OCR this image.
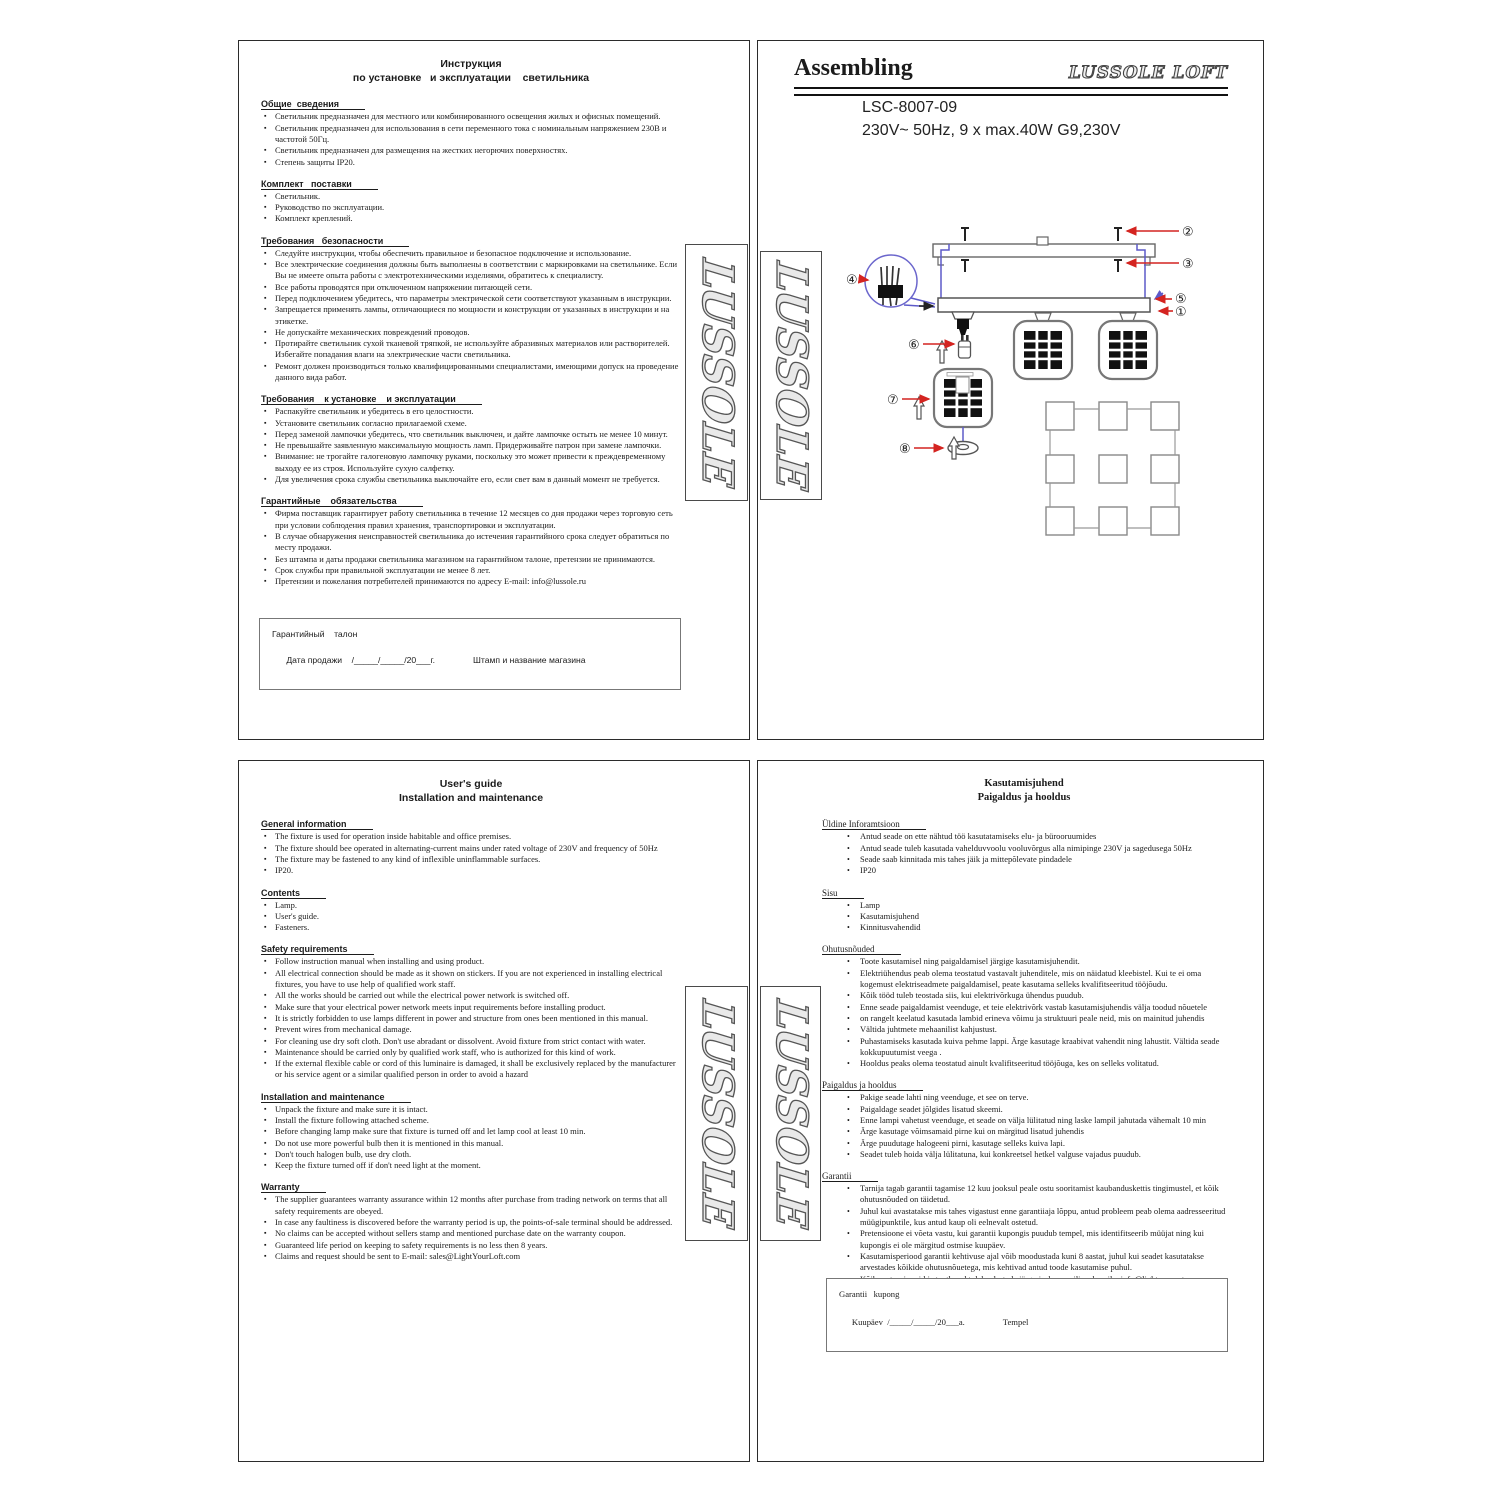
Инструкция
по установке   и эксплуатации    светильника
Общие  сведения
▪ Светильник предназначен для местного или комбинированного освещения жилых и офисных помещений.
▪ Светильник предназначен для использования в сети переменного тока с номинальным напряжением 230В и частотой 50Гц.
▪ Светильник предназначен для размещения на жестких негорючих поверхностях.
▪ Степень защиты IP20.
Комплект   поставки
▪ Светильник.
▪ Руководство по эксплуатации.
▪ Комплект креплений.
Требования   безопасности
▪ Следуйте инструкции, чтобы обеспечить правильное и безопасное подключение и использование.
▪ Все электрические соединения должны быть выполнены в соответствии с маркировками на светильнике. Если Вы не имеете опыта работы с электротехническими изделиями, обратитесь к специалисту.
▪ Все работы проводятся при отключенном напряжении питающей сети.
▪ Перед подключением убедитесь, что параметры электрической сети соответствуют указанным в инструкции.
▪ Запрещается применять лампы, отличающиеся по мощности и конструкции от указанных в инструкции и на этикетке.
▪ Не допускайте механических повреждений проводов.
▪ Протирайте светильник сухой тканевой тряпкой, не используйте абразивных материалов или растворителей. Избегайте попадания влаги на электрические части светильника.
▪ Ремонт должен производиться только квалифицированными специалистами, имеющими допуск на проведение данного вида работ.
Требования    к установке    и эксплуатации
▪ Распакуйте светильник и убедитесь в его целостности.
▪ Установите светильник согласно прилагаемой схеме.
▪ Перед заменой лампочки убедитесь, что светильник выключен, и дайте лампочке остыть не менее 10 минут.
▪ Не превышайте заявленную максимальную мощность ламп. Придерживайте патрон при замене лампочки.
▪ Внимание: не трогайте галогеновую лампочку руками, поскольку это может привести к преждевременному выходу ее из строя. Используйте сухую салфетку.
▪ Для увеличения срока службы светильника выключайте его, если свет вам в данный момент не требуется.
Гарантийные    обязательства
▪ Фирма поставщик гарантирует работу светильника в течение 12 месяцев со дня продажи через торговую сеть при условии соблюдения правил хранения, транспортировки и эксплуатации.
▪ В случае обнаружения неисправностей светильника до истечения гарантийного срока следует обратиться по месту продажи.
▪ Без штампа и даты продажи светильника магазином на гарантийном талоне, претензии не принимаются.
▪ Срок службы при правильной эксплуатации не менее 8 лет.
▪ Претензии и пожелания потребителей принимаются по адресу E-mail: info@lussole.ru
LUSSOLE
Гарантийный    талон

Дата продажи    /_____/_____/20___г.	Штамп и название магазина

Assembling	LUSSOLE LOFT
LSC-8007-09
230V~ 50Hz, 9 x max.40W G9,230V
①
②
③
④
⑤
⑥
⑦
⑧
LUSSOLE
User's guide
Installation and maintenance
General information
▪ The fixture is used for operation inside habitable and office premises.
▪ The fixture should bee operated in alternating-current mains under rated voltage of 230V and frequency of 50Hz
▪ The fixture may be fastened to any kind of inflexible uninflammable surfaces.
▪ IP20.
Contents
▪ Lamp.
▪ User's guide.
▪ Fasteners.
Safety requirements
▪ Follow instruction manual when installing and using product.
▪ All electrical connection should be made as it shown on stickers. If you are not experienced in installing electrical fixtures, you have to use help of qualified work staff.
▪ All the works should be carried out while the electrical power network is switched off.
▪ Make sure that your electrical power network meets input requirements before installing product.
▪ It is strictly forbidden to use lamps different in power and structure from ones been mentioned in this manual.
▪ Prevent wires from mechanical damage.
▪ For cleaning use dry soft cloth. Don't use abradant or dissolvent. Avoid fixture from strict contact with water.
▪ Maintenance should be carried only by qualified work staff, who is authorized for this kind of work.
▪ If the external flexible cable or cord of this luminaire is damaged, it shall be exclusively replaced by the manufacturer or his service agent or a similar qualified person in order to avoid a hazard
Installation and maintenance
▪ Unpack the fixture and make sure it is intact.
▪ Install the fixture following attached scheme.
▪ Before changing lamp make sure that fixture is turned off and let lamp cool at least 10 min.
▪ Do not use more powerful bulb then it is mentioned in this manual.
▪ Don't touch halogen bulb, use dry cloth.
▪ Keep the fixture turned off if don't need light at the moment.
Warranty
▪ The supplier guarantees warranty assurance within 12 months after purchase from trading network on terms that all safety requirements are obeyed.
▪ In case any faultiness is discovered before the warranty period is up, the points-of-sale terminal should be addressed.
▪ No claims can be accepted without sellers stamp and mentioned purchase date on the warranty coupon.
▪ Guaranteed life period on keeping to safety requirements is no less then 8 years.
▪ Claims and request should be sent to E-mail: sales@LightYourLoft.com
LUSSOLE
Kasutamisjuhend
Paigaldus ja hooldus
Üldine Inforamtsioon
• Antud seade on ette nähtud töö kasutatamiseks elu- ja bürooruumides
• Antud seade tuleb kasutada vahelduvvoolu vooluvõrgus alla nimipinge 230V ja sagedusega 50Hz
• Seade saab kinnitada mis tahes jäik ja mittepõlevate pindadele
• IP20
Sisu
• Lamp
• Kasutamisjuhend
• Kinnitusvahendid
Ohutusnõuded
• Toote kasutamisel ning paigaldamisel järgige kasutamisjuhendit.
• Elektriühendus peab olema teostatud vastavalt juhenditele, mis on näidatud kleebistel. Kui te ei oma kogemust elektriseadmete paigaldamisel, peate kasutama selleks kvalifitseeritud tööjõudu.
• Kõik tööd tuleb teostada siis, kui elektrivõrkuga ühendus puudub.
• Enne seade paigaldamist veenduge, et teie elektrivõrk vastab kasutamisjuhendis välja toodud nõuetele
• on rangelt keelatud kasutada lambid erineva võimu ja struktuuri peale neid, mis on mainitud juhendis
• Vältida juhtmete mehaanilist kahjustust.
• Puhastamiseks kasutada kuiva pehme lappi. Ärge kasutage kraabivat vahendit ning lahustit. Vältida seade kokkupuutumist veega .
• Hooldus peaks olema teostatud ainult kvalifitseeritud tööjõuga, kes on selleks volitatud.
Paigaldus ja hooldus
• Pakige seade lahti ning veenduge, et see on terve.
• Paigaldage seadet jõlgides lisatud skeemi.
• Enne lampi vahetust veenduge, et seade on välja lülitatud ning laske lampil jahutada vähemalt 10 min
• Ärge kasutage võimsamaid pirne kui on märgitud lisatud juhendis
• Ärge puudutage halogeeni pirni, kasutage selleks kuiva lapi.
• Seadet tuleb hoida välja lülitatuna, kui konkreetsel hetkel valguse vajadus puudub.
Garantii
• Tarnija tagab garantii tagamise 12 kuu jooksul peale ostu sooritamist kaubanduskettis tingimustel, et kõik ohutusnõuded on täidetud.
• Juhul kui avastatakse mis tahes vigastust enne garantiiaja lõppu, antud probleem peab olema aadresseeritud müügipunktile, kus antud kaup oli eelnevalt ostetud.
• Pretensioone ei võeta vastu, kui garantii kupongis puudub tempel, mis identifitseerib müüjat ning kui kupongis ei ole märgitud ostmise kuupäev.
• Kasutamisperiood garantii kehtivuse ajal võib moodustada kuni 8 aastat, juhul kui seadet kasutatakse arvestades kõikide ohutusnõuetega, mis kehtivad antud toode kasutamise puhul.
•
LUSSOLE
Garantii   kupong

Kuupäev  /_____/_____/20___a.	Tempel
